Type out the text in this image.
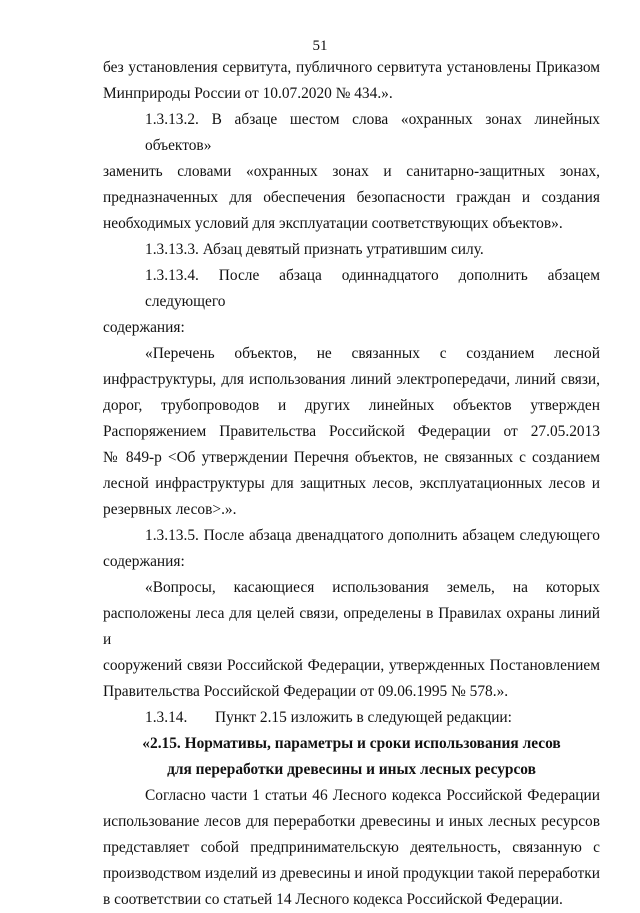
51

без установления сервитута, публичного сервитута установлены Приказом
Минприроды России от 10.07.2020 № 434.».

1.3.13.2. В абзаце шестом слова «охранных зонах линейных объектов»
заменить словами «охранных зонах и санитарно-защитных зонах,
предназначенных для обеспечения безопасности граждан и создания
необходимых условий для эксплуатации соответствующих объектов».

1.3.13.3. Абзац девятый признать утратившим силу.

1.3.13.4. После абзаца одиннадцатого дополнить абзацем следующего
содержания:

«Перечень объектов, не связанных с созданием лесной
инфраструктуры, для использования линий электропередачи, линий связи,
дорог, трубопроводов и других линейных объектов утвержден
Распоряжением Правительства Российской Федерации от 27.05.2013
№ 849-р <Об утверждении Перечня объектов, не связанных с созданием
лесной инфраструктуры для защитных лесов, эксплуатационных лесов и
резервных лесов>.».

1.3.13.5. После абзаца двенадцатого дополнить абзацем следующего
содержания:

«Вопросы, касающиеся использования земель, на которых
расположены леса для целей связи, определены в Правилах охраны линий и
сооружений связи Российской Федерации, утвержденных Постановлением
Правительства Российской Федерации от 09.06.1995 № 578.».

1.3.14.	Пункт 2.15 изложить в следующей редакции:
«2.15. Нормативы, параметры и сроки использования лесов
для переработки древесины и иных лесных ресурсов

Согласно части 1 статьи 46 Лесного кодекса Российской Федерации
использование лесов для переработки древесины и иных лесных ресурсов
представляет собой предпринимательскую деятельность, связанную с
производством изделий из древесины и иной продукции такой переработки
в соответствии со статьей 14 Лесного кодекса Российской Федерации.
